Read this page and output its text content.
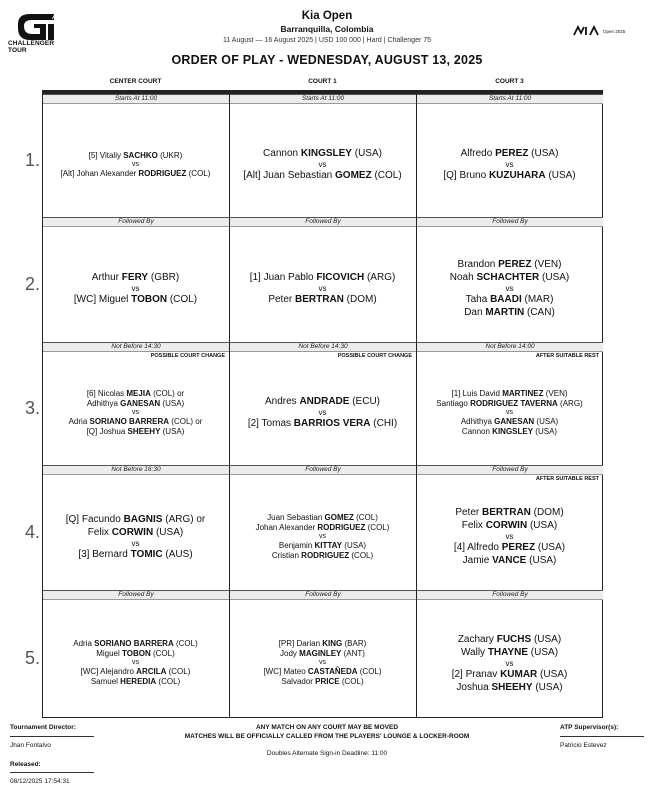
ATP
CHALLENGER
TOUR
Kia Open
Barranquilla, Colombia
11 August — 16 August 2025 | USD 100 000 | Hard | Challenger 75
ORDER OF PLAY - WEDNESDAY, AUGUST 13, 2025
Open 2025
CENTER COURT	COURT 1	COURT 3
1.
Starts At 11:00
[5] Vitaliy SACHKO (UKR)
vs
[Alt] Johan Alexander RODRIGUEZ (COL)
Starts At 11:00
Cannon KINGSLEY (USA)
vs
[Alt] Juan Sebastian GOMEZ (COL)
Starts At 11:00
Alfredo PEREZ (USA)
vs
[Q] Bruno KUZUHARA (USA)
2.
Followed By
Arthur FERY (GBR)
vs
[WC] Miguel TOBON (COL)
Followed By
[1] Juan Pablo FICOVICH (ARG)
vs
Peter BERTRAN (DOM)
Followed By
Brandon PEREZ (VEN)
Noah SCHACHTER (USA)
vs
Taha BAADI (MAR)
Dan MARTIN (CAN)
3.
Not Before 14:30
POSSIBLE COURT CHANGE
[6] Nicolas MEJIA (COL) or
Adhithya GANESAN (USA)
vs
Adria SORIANO BARRERA (COL) or
[Q] Joshua SHEEHY (USA)
Not Before 14:30
POSSIBLE COURT CHANGE
Andres ANDRADE (ECU)
vs
[2] Tomas BARRIOS VERA (CHI)
Not Before 14:00
AFTER SUITABLE REST
[1] Luis David MARTINEZ (VEN)
Santiago RODRIGUEZ TAVERNA (ARG)
vs
Adhithya GANESAN (USA)
Cannon KINGSLEY (USA)
4.
Not Before 16:30
[Q] Facundo BAGNIS (ARG) or
Felix CORWIN (USA)
vs
[3] Bernard TOMIC (AUS)
Followed By
Juan Sebastian GOMEZ (COL)
Johan Alexander RODRIGUEZ (COL)
vs
Benjamin KITTAY (USA)
Cristian RODRIGUEZ (COL)
Followed By
AFTER SUITABLE REST
Peter BERTRAN (DOM)
Felix CORWIN (USA)
vs
[4] Alfredo PEREZ (USA)
Jamie VANCE (USA)
5.
Followed By
Adria SORIANO BARRERA (COL)
Miguel TOBON (COL)
vs
[WC] Alejandro ARCILA (COL)
Samuel HEREDIA (COL)
Followed By
[PR] Darian KING (BAR)
Jody MAGINLEY (ANT)
vs
[WC] Mateo CASTAÑEDA (COL)
Salvador PRICE (COL)
Followed By
Zachary FUCHS (USA)
Wally THAYNE (USA)
vs
[2] Pranav KUMAR (USA)
Joshua SHEEHY (USA)
Tournament Director:
Jhan Fontalvo
Released:
08/12/2025 17:54:31
ANY MATCH ON ANY COURT MAY BE MOVED
MATCHES WILL BE OFFICIALLY CALLED FROM THE PLAYERS' LOUNGE & LOCKER-ROOM
Doubles Alternate Sign-in Deadline: 11:00
ATP Supervisor(s):
Patricio Estevez
